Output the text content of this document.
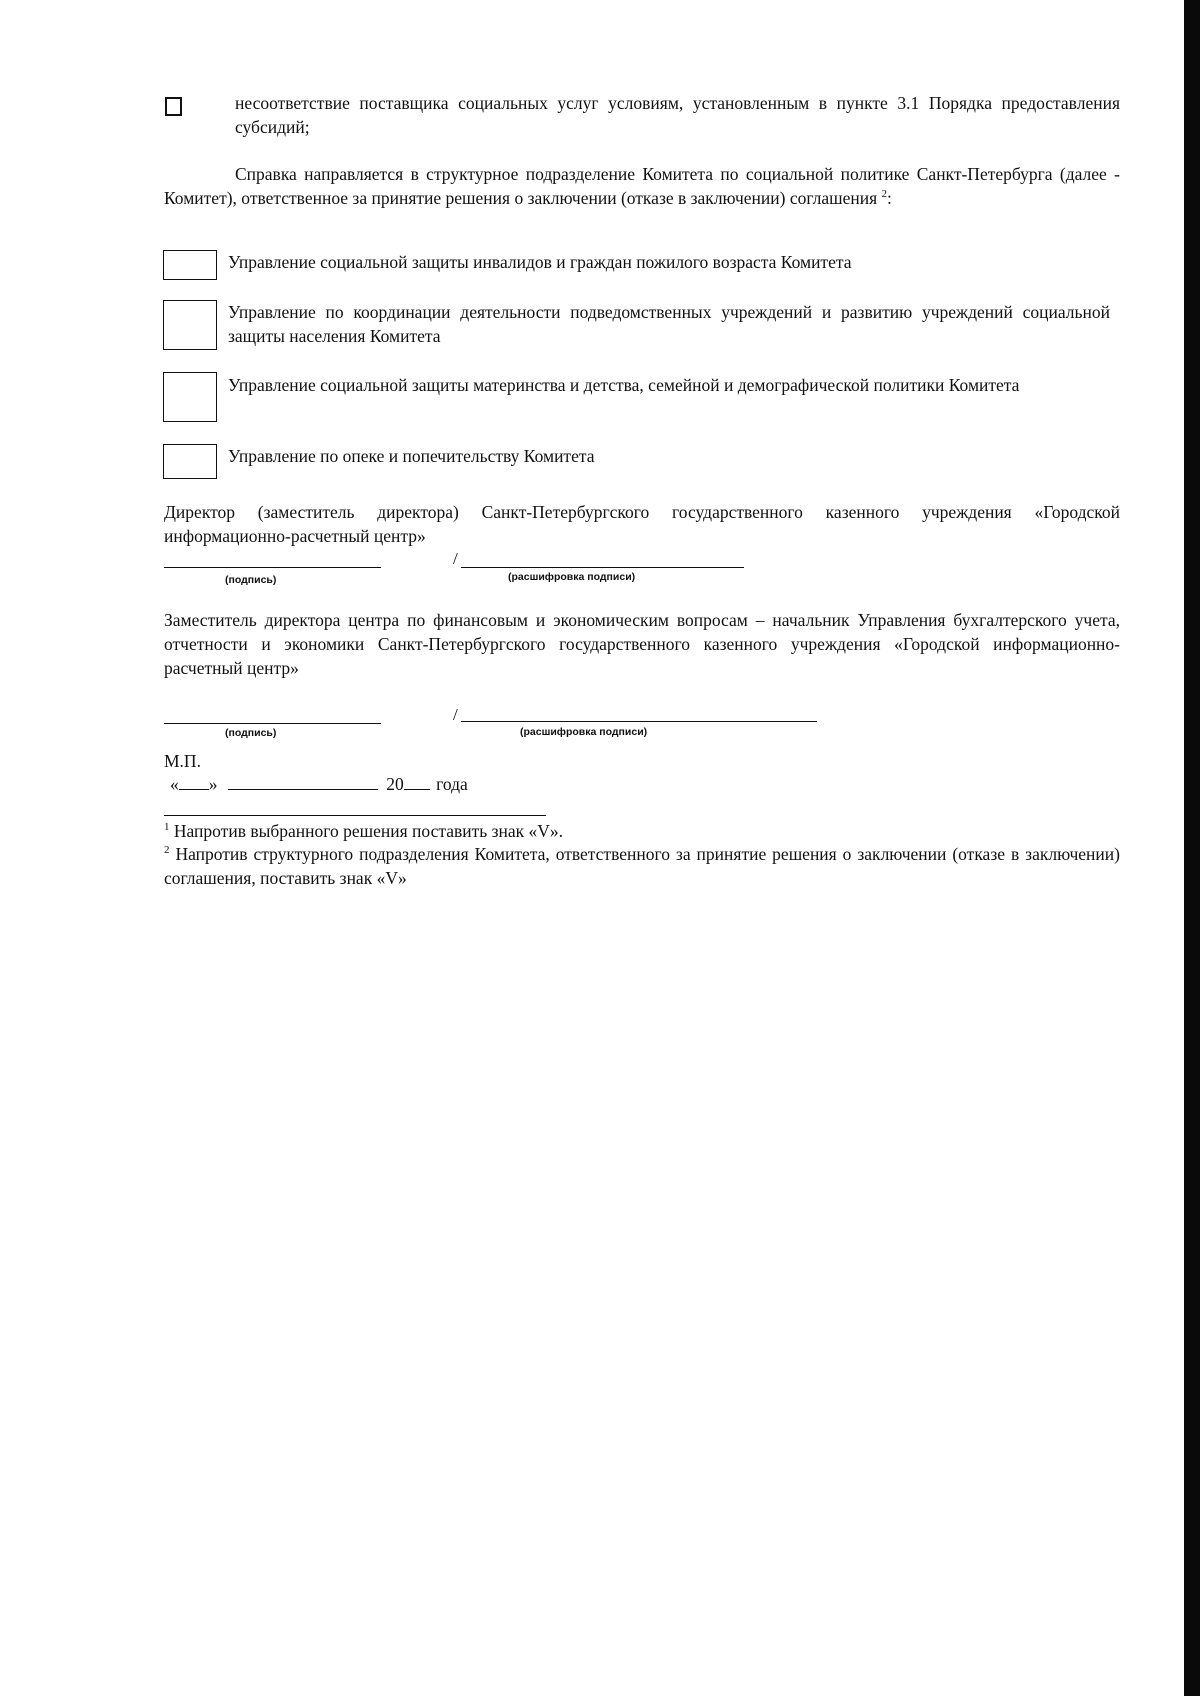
несоответствие поставщика социальных услуг условиям, установленным в пункте 3.1 Порядка предоставления субсидий;
Справка направляется в структурное подразделение Комитета по социальной политике Санкт-Петербурга (далее - Комитет), ответственное за принятие решения о заключении (отказе в заключении) соглашения $^2$:
Управление социальной защиты инвалидов и граждан пожилого возраста Комитета
Управление по координации деятельности подведомственных учреждений и развитию учреждений социальной защиты населения Комитета
Управление социальной защиты материнства и детства, семейной и демографической политики Комитета
Управление по опеке и попечительству Комитета
Директор (заместитель директора) Санкт-Петербургского государственного казенного учреждения «Городской информационно-расчетный центр»
/
(подпись)	(расшифровка подписи)
Заместитель директора центра по финансовым и экономическим вопросам – начальник Управления бухгалтерского учета, отчетности и экономики Санкт-Петербургского государственного казенного учреждения «Городской информационно-расчетный центр»
/
(подпись)	(расшифровка подписи)
М.П.
« »	20 года
$^1$ Напротив выбранного решения поставить знак «V».
$^2$ Напротив структурного подразделения Комитета, ответственного за принятие решения о заключении (отказе в заключении) соглашения, поставить знак «V»
